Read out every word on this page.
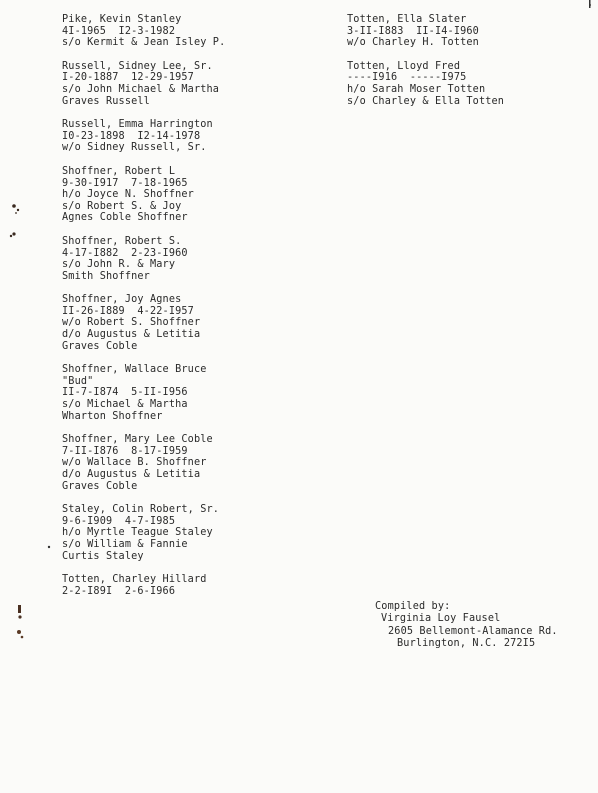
Pike, Kevin Stanley
4I-1965  I2-3-1982
s/o Kermit & Jean Isley P.
Russell, Sidney Lee, Sr.
I-20-1887  12-29-1957
s/o John Michael & Martha
Graves Russell
Russell, Emma Harrington
I0-23-1898  I2-14-1978
w/o Sidney Russell, Sr.
Shoffner, Robert L
9-30-I917  7-18-1965
h/o Joyce N. Shoffner
s/o Robert S. & Joy
Agnes Coble Shoffner
Shoffner, Robert S.
4-17-I882  2-23-I960
s/o John R. & Mary
Smith Shoffner
Shoffner, Joy Agnes
II-26-I889  4-22-I957
w/o Robert S. Shoffner
d/o Augustus & Letitia
Graves Coble
Shoffner, Wallace Bruce
"Bud"
II-7-I874  5-II-I956
s/o Michael & Martha
Wharton Shoffner
Shoffner, Mary Lee Coble
7-II-I876  8-17-I959
w/o Wallace B. Shoffner
d/o Augustus & Letitia
Graves Coble
Staley, Colin Robert, Sr.
9-6-I909  4-7-I985
h/o Myrtle Teague Staley
s/o William & Fannie
Curtis Staley
Totten, Charley Hillard
2-2-I89I  2-6-I966
Totten, Ella Slater
3-II-I883  II-I4-I960
w/o Charley H. Totten
Totten, Lloyd Fred
----I916  -----I975
h/o Sarah Moser Totten
s/o Charley & Ella Totten
Compiled by:
Virginia Loy Fausel
2605 Bellemont-Alamance Rd.
Burlington, N.C. 272I5
